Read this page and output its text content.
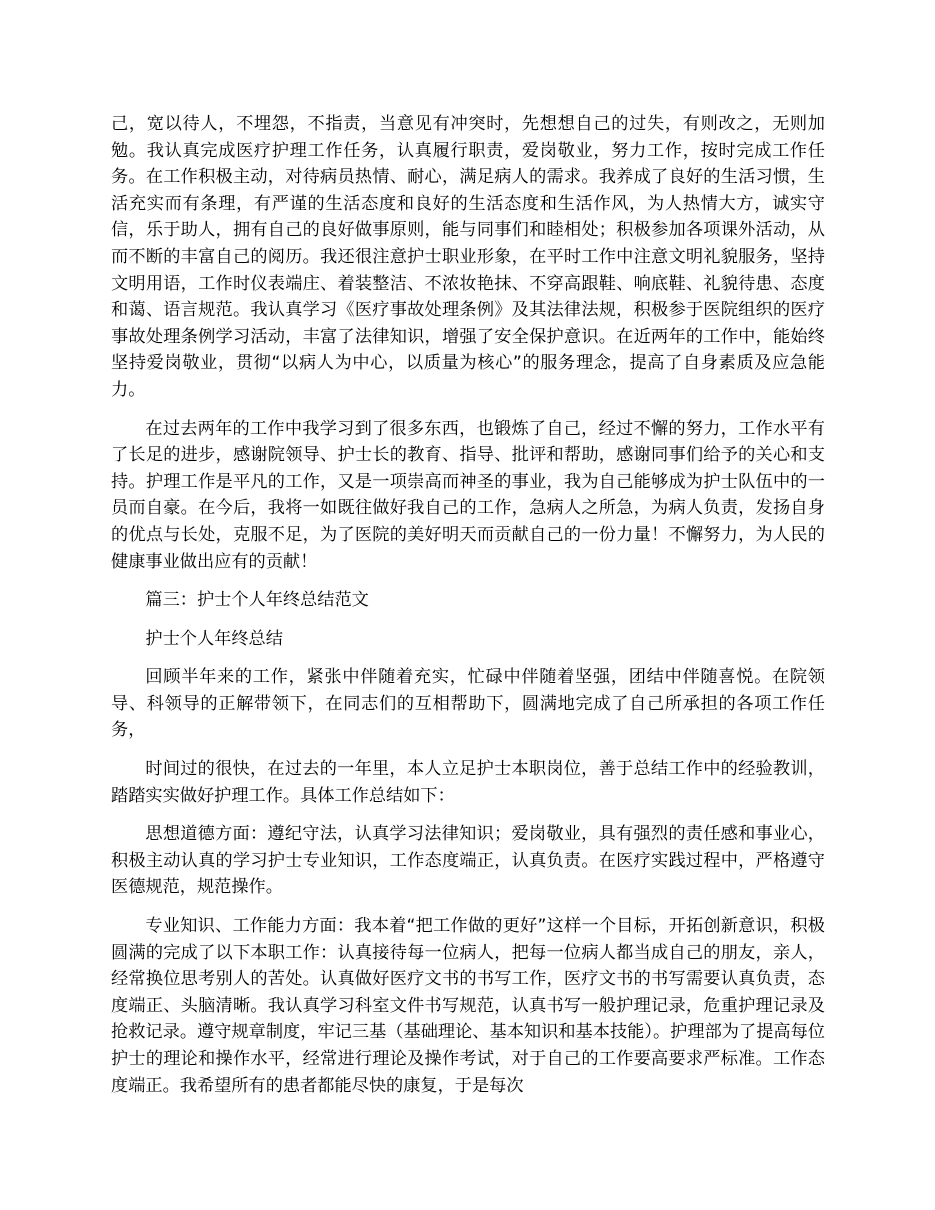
己，宽以待人，不埋怨，不指责，当意见有冲突时，先想想自己的过失，有则改之，无则加勉。我认真完成医疗护理工作任务，认真履行职责，爱岗敬业，努力工作，按时完成工作任务。在工作积极主动，对待病员热情、耐心，满足病人的需求。我养成了良好的生活习惯，生活充实而有条理，有严谨的生活态度和良好的生活态度和生活作风，为人热情大方，诚实守信，乐于助人，拥有自己的良好做事原则，能与同事们和睦相处；积极参加各项课外活动，从而不断的丰富自己的阅历。我还很注意护士职业形象，在平时工作中注意文明礼貌服务，坚持文明用语，工作时仪表端庄、着装整洁、不浓妆艳抹、不穿高跟鞋、响底鞋、礼貌待患、态度和蔼、语言规范。我认真学习《医疗事故处理条例》及其法律法规，积极参于医院组织的医疗事故处理条例学习活动，丰富了法律知识，增强了安全保护意识。在近两年的工作中，能始终坚持爱岗敬业，贯彻“以病人为中心，以质量为核心”的服务理念，提高了自身素质及应急能力。

在过去两年的工作中我学习到了很多东西，也锻炼了自己，经过不懈的努力，工作水平有了长足的进步，感谢院领导、护士长的教育、指导、批评和帮助，感谢同事们给予的关心和支持。护理工作是平凡的工作，又是一项崇高而神圣的事业，我为自己能够成为护士队伍中的一员而自豪。在今后，我将一如既往做好我自己的工作，急病人之所急，为病人负责，发扬自身的优点与长处，克服不足，为了医院的美好明天而贡献自己的一份力量！不懈努力，为人民的健康事业做出应有的贡献！

篇三：护士个人年终总结范文

护士个人年终总结

回顾半年来的工作，紧张中伴随着充实，忙碌中伴随着坚强，团结中伴随喜悦。在院领导、科领导的正解带领下，在同志们的互相帮助下，圆满地完成了自己所承担的各项工作任务，

时间过的很快，在过去的一年里，本人立足护士本职岗位，善于总结工作中的经验教训，踏踏实实做好护理工作。具体工作总结如下：

思想道德方面：遵纪守法，认真学习法律知识；爱岗敬业，具有强烈的责任感和事业心，积极主动认真的学习护士专业知识，工作态度端正，认真负责。在医疗实践过程中，严格遵守医德规范，规范操作。

专业知识、工作能力方面：我本着“把工作做的更好”这样一个目标，开拓创新意识，积极圆满的完成了以下本职工作：认真接待每一位病人，把每一位病人都当成自己的朋友，亲人，经常换位思考别人的苦处。认真做好医疗文书的书写工作，医疗文书的书写需要认真负责，态度端正、头脑清晰。我认真学习科室文件书写规范，认真书写一般护理记录，危重护理记录及抢救记录。遵守规章制度，牢记三基（基础理论、基本知识和基本技能）。护理部为了提高每位护士的理论和操作水平，经常进行理论及操作考试，对于自己的工作要高要求严标准。工作态度端正。我希望所有的患者都能尽快的康复，于是每次
